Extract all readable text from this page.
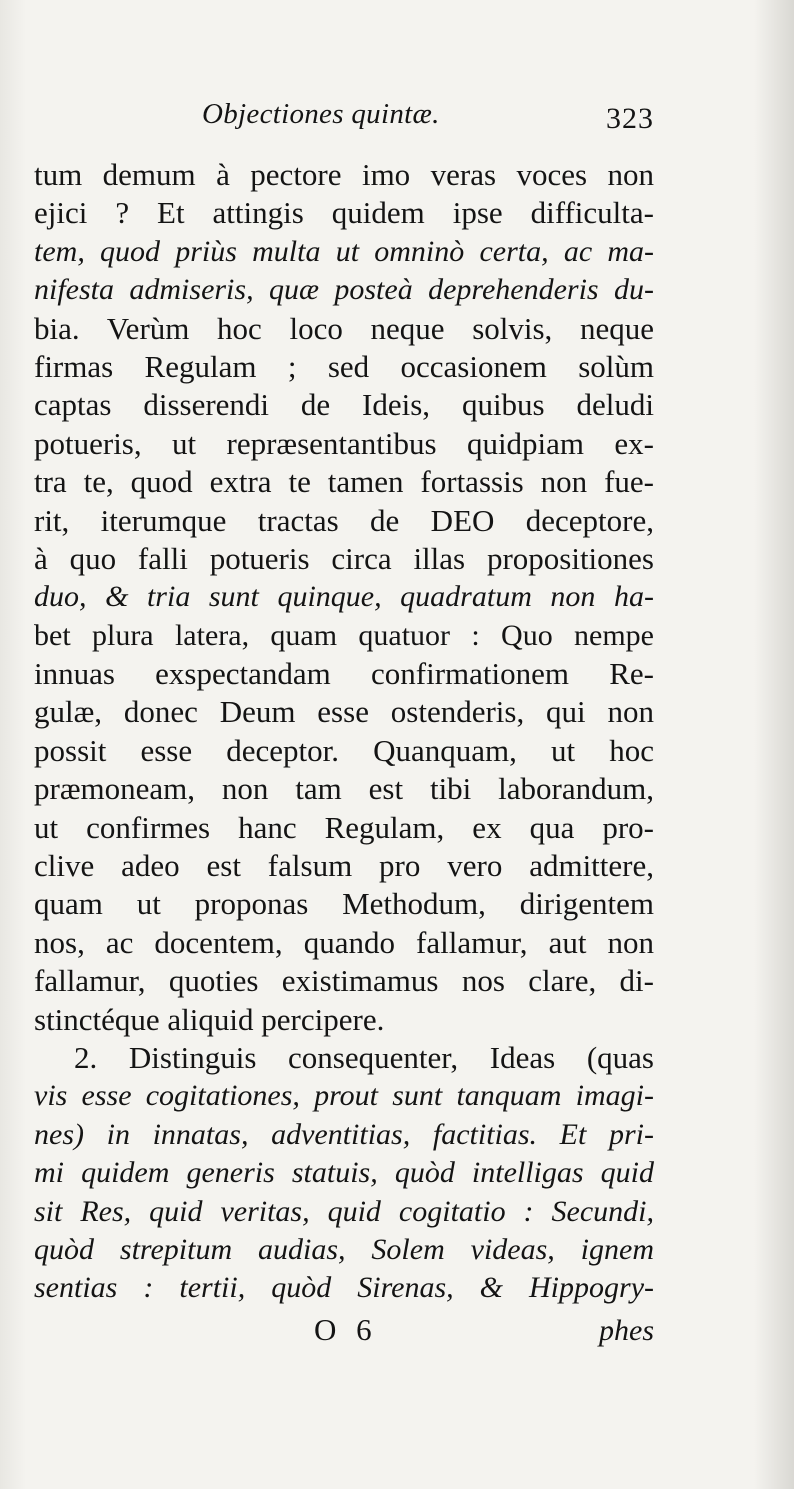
Objectiones quintæ.	323
tum demum à pectore imo veras voces non
ejici ? Et attingis quidem ipse difficulta-
tem, quod priùs multa ut omninò certa, ac ma-
nifesta admiseris, quæ posteà deprehenderis du-
bia. Verùm hoc loco neque solvis, neque
firmas Regulam ; sed occasionem solùm
captas disserendi de Ideis, quibus deludi
potueris, ut repræsentantibus quidpiam ex-
tra te, quod extra te tamen fortassis non fue-
rit, iterumque tractas de DEO deceptore,
à quo falli potueris circa illas propositiones
duo, & tria sunt quinque, quadratum non ha-
bet plura latera, quam quatuor : Quo nempe
innuas exspectandam confirmationem Re-
gulæ, donec Deum esse ostenderis, qui non
possit esse deceptor. Quanquam, ut hoc
præmoneam, non tam est tibi laborandum,
ut confirmes hanc Regulam, ex qua pro-
clive adeo est falsum pro vero admittere,
quam ut proponas Methodum, dirigentem
nos, ac docentem, quando fallamur, aut non
fallamur, quoties existimamus nos clare, di-
stinctéque aliquid percipere.
2. Distinguis consequenter, Ideas (quas
vis esse cogitationes, prout sunt tanquam imagi-
nes) in innatas, adventitias, factitias. Et pri-
mi quidem generis statuis, quòd intelligas quid
sit Res, quid veritas, quid cogitatio : Secundi,
quòd strepitum audias, Solem videas, ignem
sentias : tertii, quòd Sirenas, & Hippogry-
O 6	phes
